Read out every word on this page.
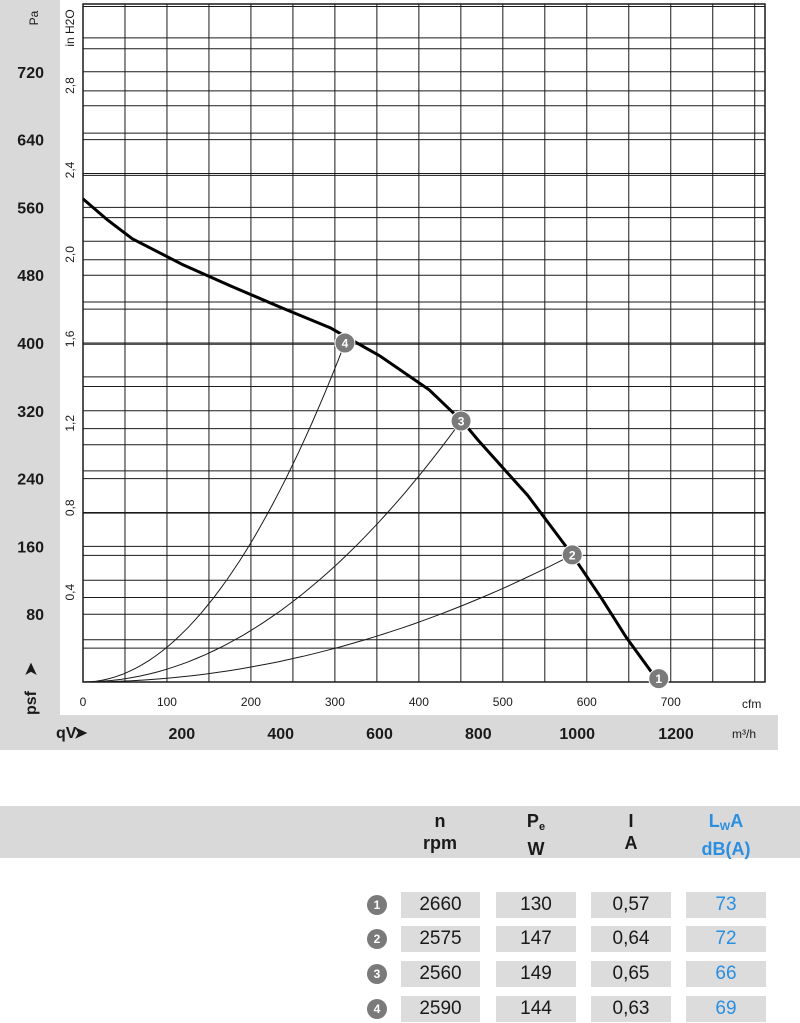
80
160
240
320
400
480
560
640
720
0,4
0,8
1,2
1,6
2,0
2,4
2,8
0	100	200	300	400	500	600	700
200	400	600	800	1000	1200
1
2
3
4
Pa in H2O
cfm
m³/h
psf
➤
qV
➤
n
rpm
$P_e$
W
I
A
$L_WA$
dB(A)
1	2660	130	0,57	73
2	2575	147	0,64	72
3	2560	149	0,65	66
4	2590	144	0,63	69
